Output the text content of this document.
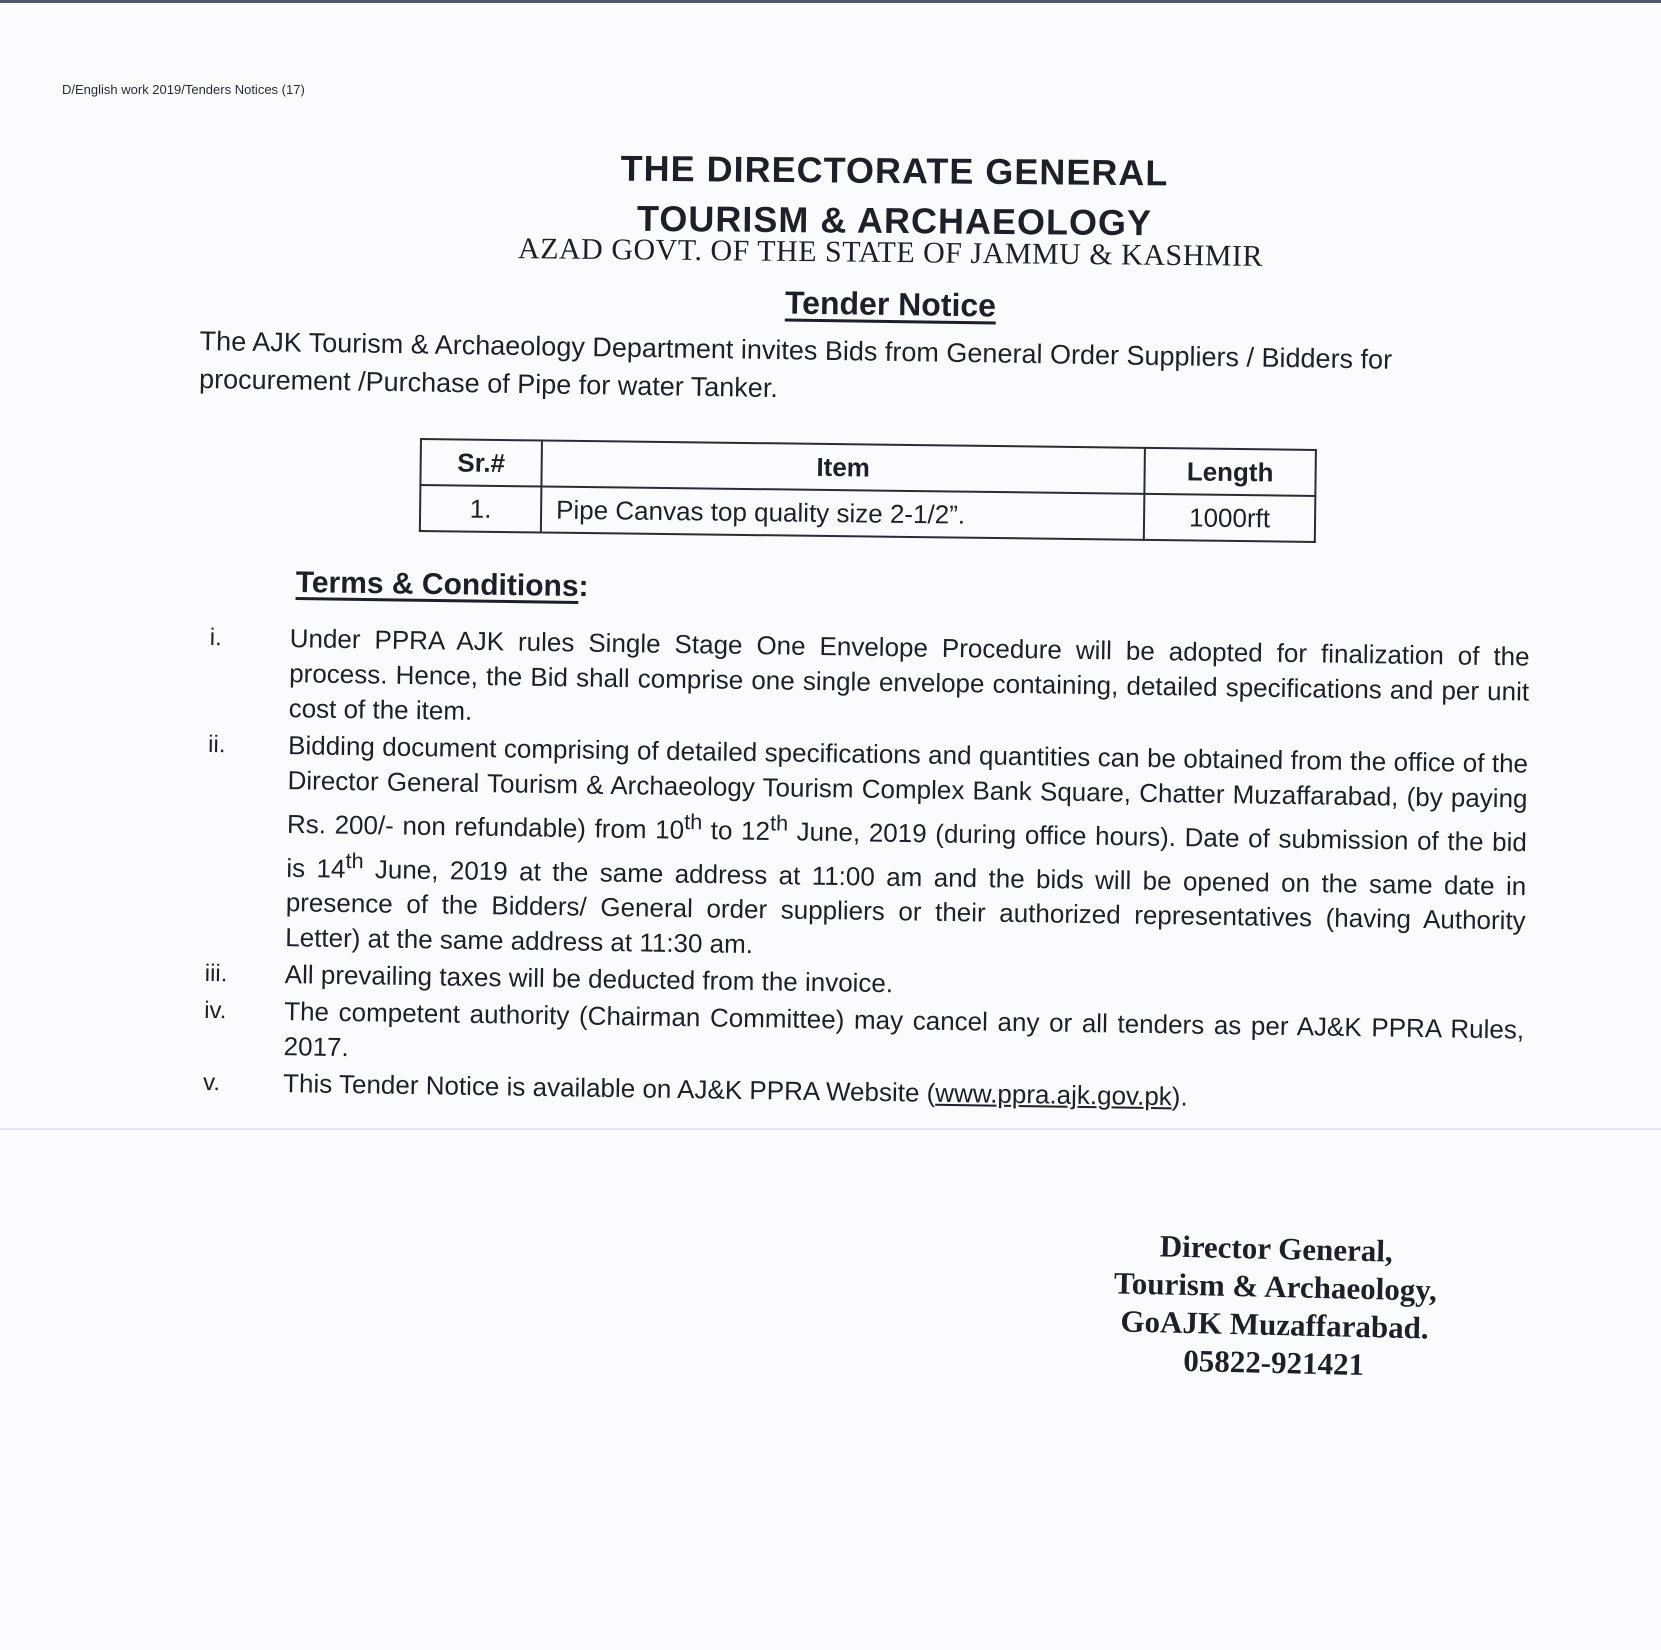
D/English work 2019/Tenders Notices (17)
THE DIRECTORATE GENERAL
TOURISM & ARCHAEOLOGY
AZAD GOVT. OF THE STATE OF JAMMU & KASHMIR
Tender Notice
The AJK Tourism & Archaeology Department invites Bids from General Order Suppliers / Bidders for procurement /Purchase of Pipe for water Tanker.
Sr.#	Item	Length
1.	Pipe Canvas top quality size 2-1/2”.	1000rft
Terms & Conditions:
i.	Under PPRA AJK rules Single Stage One Envelope Procedure will be adopted for finalization of the process. Hence, the Bid shall comprise one single envelope containing, detailed specifications and per unit cost of the item.
ii.	Bidding document comprising of detailed specifications and quantities can be obtained from the office of the Director General Tourism & Archaeology Tourism Complex Bank Square, Chatter Muzaffarabad, (by paying Rs. 200/- non refundable) from 10th to 12th June, 2019 (during office hours). Date of submission of the bid is 14th June, 2019 at the same address at 11:00 am and the bids will be opened on the same date in presence of the Bidders/ General order suppliers or their authorized representatives (having Authority Letter) at the same address at 11:30 am.
iii.	All prevailing taxes will be deducted from the invoice.
iv.	The competent authority (Chairman Committee) may cancel any or all tenders as per AJ&K PPRA Rules, 2017.
v.	This Tender Notice is available on AJ&K PPRA Website (www.ppra.ajk.gov.pk).
Director General,
Tourism & Archaeology,
GoAJK Muzaffarabad.
05822-921421
